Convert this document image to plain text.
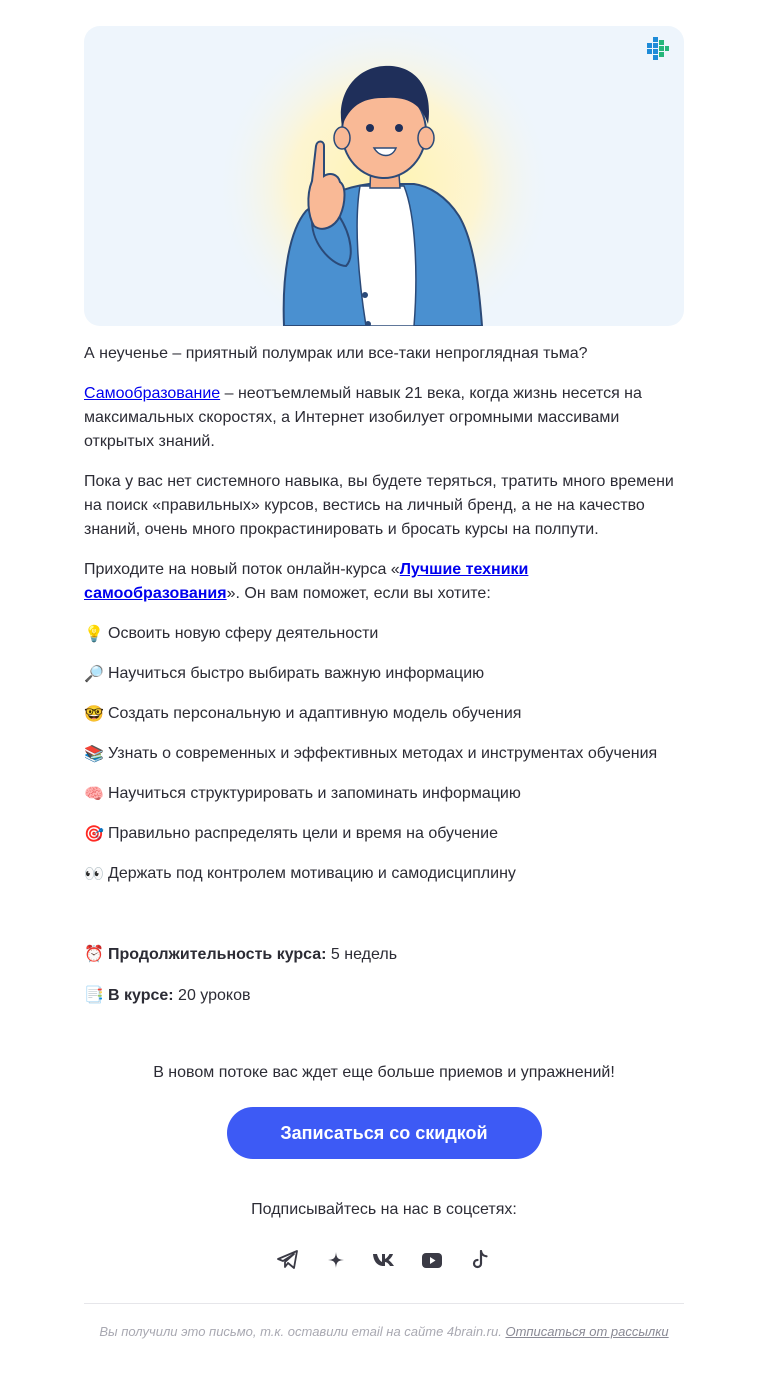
А неученье – приятный полумрак или все-таки непроглядная тьма?

Самообразование – неотъемлемый навык 21 века, когда жизнь несется на максимальных скоростях, а Интернет изобилует огромными массивами открытых знаний.

Пока у вас нет системного навыка, вы будете теряться, тратить много времени на поиск «правильных» курсов, вестись на личный бренд, а не на качество знаний, очень много прокрастинировать и бросать курсы на полпути.

Приходите на новый поток онлайн-курса «Лучшие техники самообразования». Он вам поможет, если вы хотите:

💡 Освоить новую сферу деятельности
🔎 Научиться быстро выбирать важную информацию
🤓 Создать персональную и адаптивную модель обучения
📚 Узнать о современных и эффективных методах и инструментах обучения
🧠 Научиться структурировать и запоминать информацию
🎯 Правильно распределять цели и время на обучение
👀 Держать под контролем мотивацию и самодисциплину
⏰ Продолжительность курса: 5 недель
📑 В курсе: 20 уроков
В новом потоке вас ждет еще больше приемов и упражнений!
Записаться со скидкой
Подписывайтесь на нас в соцсетях:
Вы получили это письмо, т.к. оставили email на сайте 4brain.ru. Отписаться от рассылки
